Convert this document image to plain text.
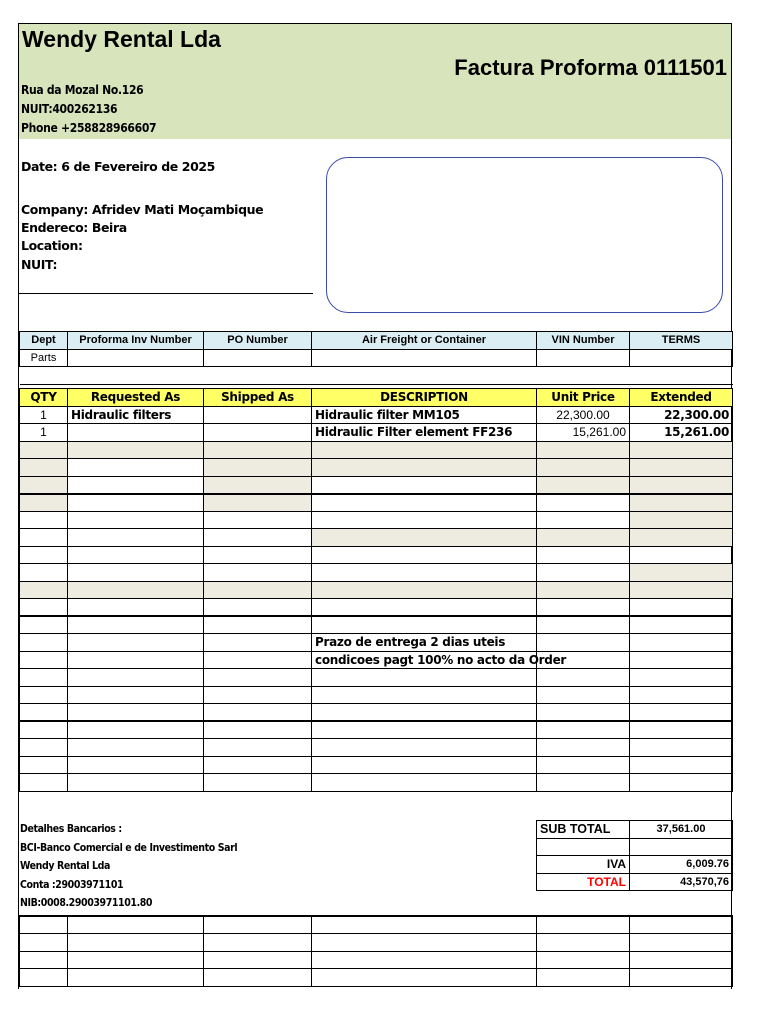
Wendy Rental Lda
Factura Proforma 0111501
Rua da Mozal No.126
NUIT:400262136
Phone +258828966607
Date: 6 de Fevereiro de 2025
Company: Afridev Mati Moçambique
Endereco: Beira
Location:
NUIT:
Dept	Proforma Inv Number	PO Number	Air Freight or Container	VIN Number	TERMS
Parts					

QTY	Requested As	Shipped As	DESCRIPTION	Unit Price	Extended
1	Hidraulic filters		Hidraulic filter MM105	22,300.00	22,300.00
1			Hidraulic Filter element FF236	15,261.00	15,261.00

			Prazo de entrega 2 dias uteis		
			condicoes pagt 100% no acto da Order		

Detalhes Bancarios :
BCI-Banco Comercial e de Investimento Sarl
Wendy Rental Lda
Conta :29003971101
NIB:0008.29003971101.80
SUB TOTAL	37,561.00

IVA	6,009.76
TOTAL	43,570,76
